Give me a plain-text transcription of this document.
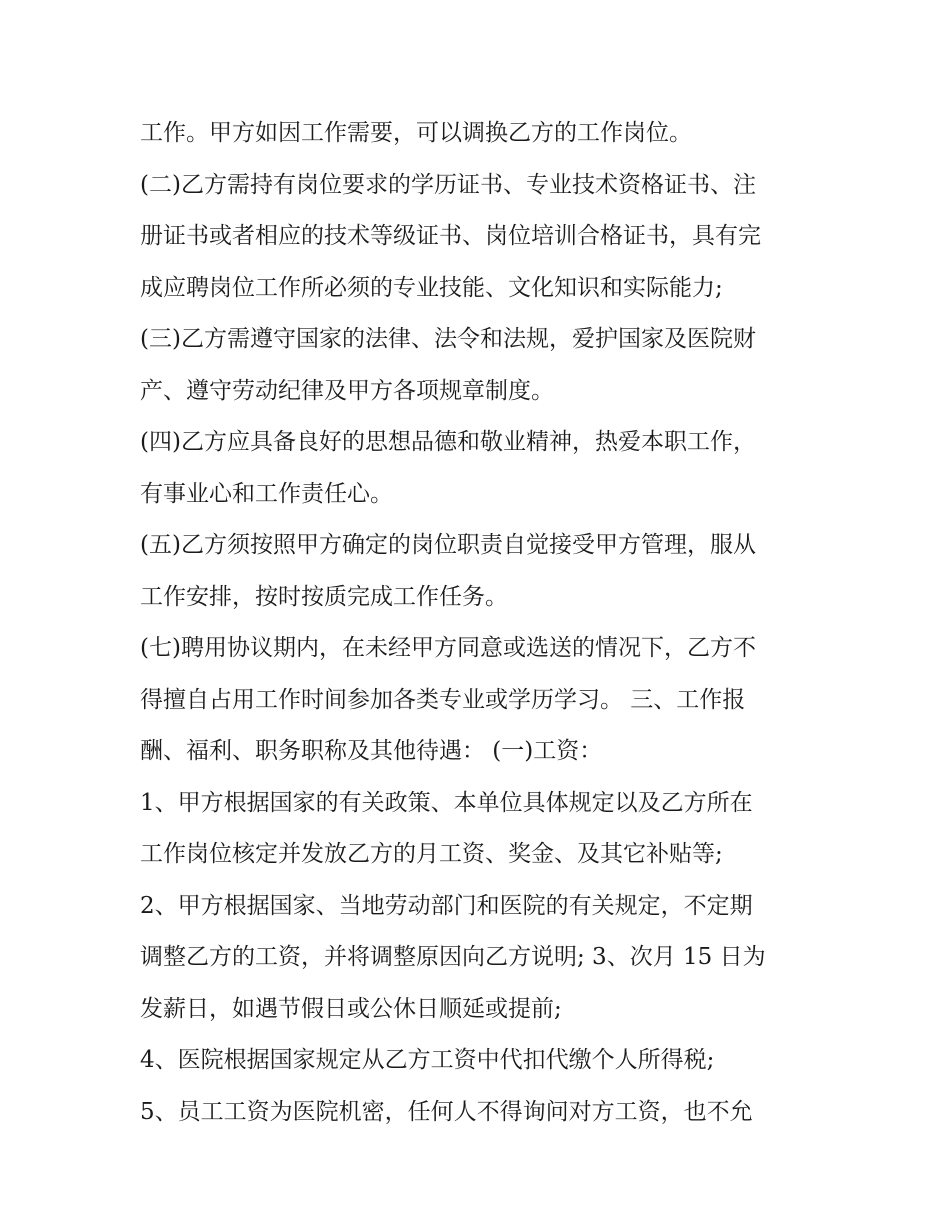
工作。甲方如因工作需要，可以调换乙方的工作岗位。
(二)乙方需持有岗位要求的学历证书、专业技术资格证书、注
册证书或者相应的技术等级证书、岗位培训合格证书，具有完
成应聘岗位工作所必须的专业技能、文化知识和实际能力;
(三)乙方需遵守国家的法律、法令和法规，爱护国家及医院财
产、遵守劳动纪律及甲方各项规章制度。
(四)乙方应具备良好的思想品德和敬业精神，热爱本职工作，
有事业心和工作责任心。
(五)乙方须按照甲方确定的岗位职责自觉接受甲方管理，服从
工作安排，按时按质完成工作任务。
(七)聘用协议期内，在未经甲方同意或选送的情况下，乙方不
得擅自占用工作时间参加各类专业或学历学习。 三、工作报
酬、福利、职务职称及其他待遇： (一)工资：
1、甲方根据国家的有关政策、本单位具体规定以及乙方所在
工作岗位核定并发放乙方的月工资、奖金、及其它补贴等;
2、甲方根据国家、当地劳动部门和医院的有关规定，不定期
调整乙方的工资，并将调整原因向乙方说明; 3、次月 15 日为
发薪日，如遇节假日或公休日顺延或提前;
4、医院根据国家规定从乙方工资中代扣代缴个人所得税;
5、员工工资为医院机密，任何人不得询问对方工资，也不允
